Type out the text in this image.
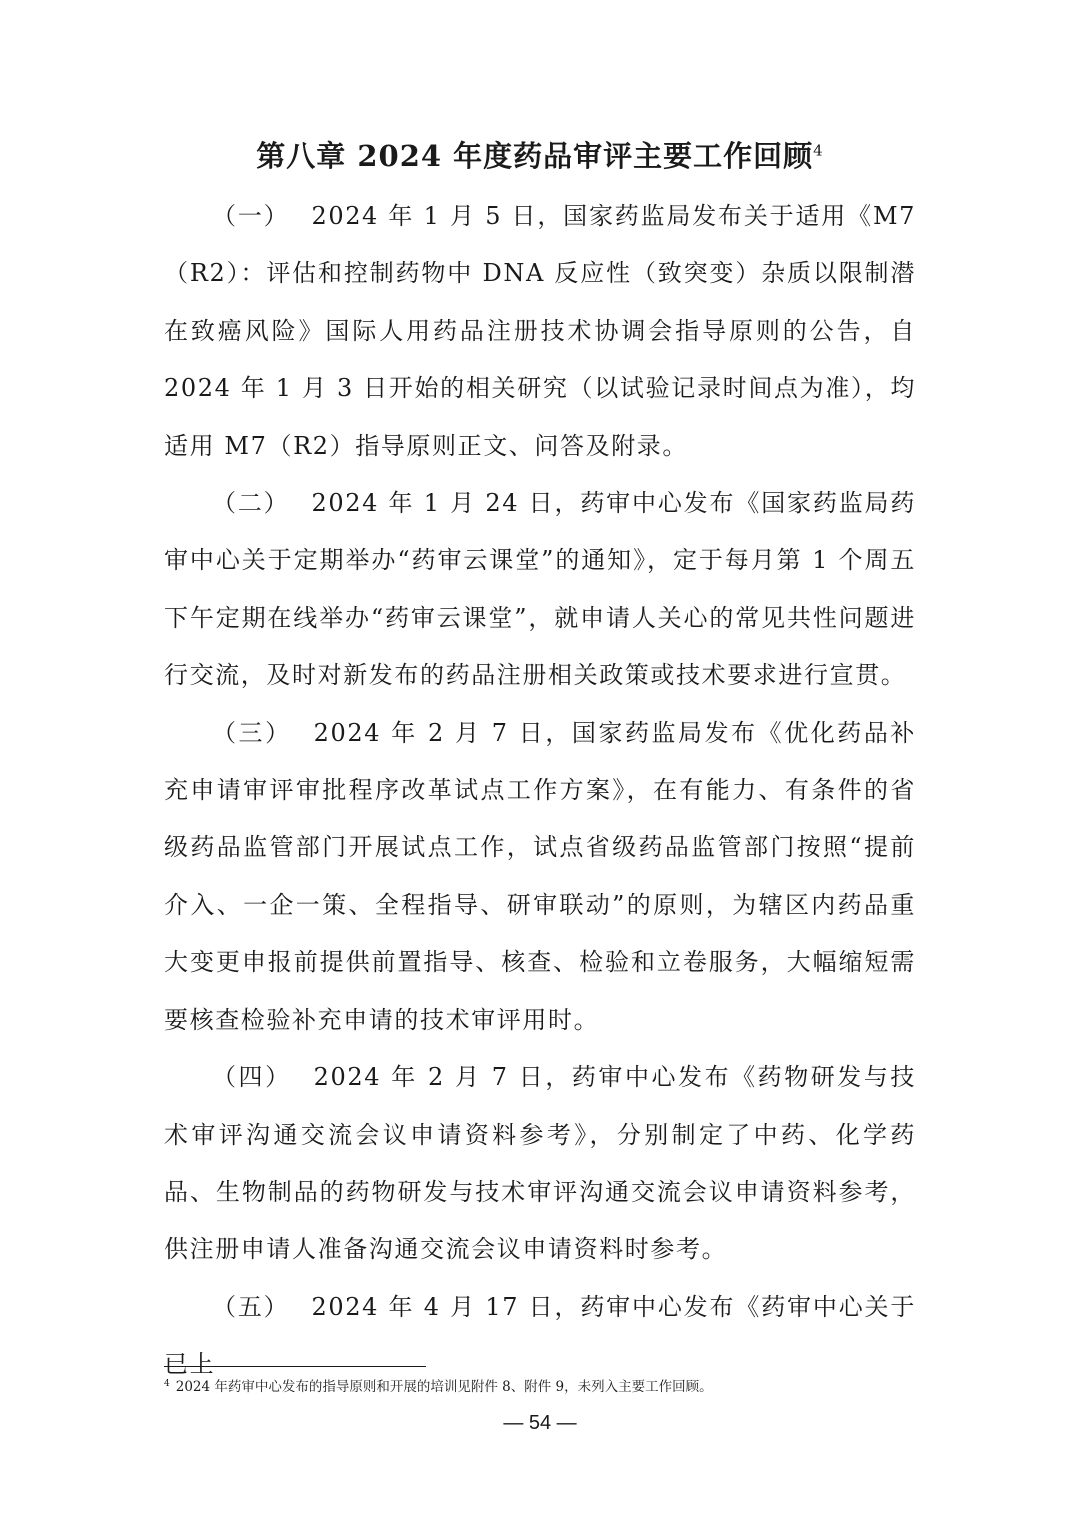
第八章 2024 年度药品审评主要工作回顾$^4$

（一） 2024 年 1 月 5 日，国家药监局发布关于适用《M7（R2）：评估和控制药物中 DNA 反应性（致突变）杂质以限制潜在致癌风险》国际人用药品注册技术协调会指导原则的公告，自 2024 年 1 月 3 日开始的相关研究（以试验记录时间点为准），均适用 M7（R2）指导原则正文、问答及附录。

（二） 2024 年 1 月 24 日，药审中心发布《国家药监局药审中心关于定期举办“药审云课堂”的通知》，定于每月第 1 个周五下午定期在线举办“药审云课堂”，就申请人关心的常见共性问题进行交流，及时对新发布的药品注册相关政策或技术要求进行宣贯。

（三） 2024 年 2 月 7 日，国家药监局发布《优化药品补充申请审评审批程序改革试点工作方案》，在有能力、有条件的省级药品监管部门开展试点工作，试点省级药品监管部门按照“提前介入、一企一策、全程指导、研审联动”的原则，为辖区内药品重大变更申报前提供前置指导、核查、检验和立卷服务，大幅缩短需要核查检验补充申请的技术审评用时。

（四） 2024 年 2 月 7 日，药审中心发布《药物研发与技术审评沟通交流会议申请资料参考》，分别制定了中药、化学药品、生物制品的药物研发与技术审评沟通交流会议申请资料参考，供注册申请人准备沟通交流会议申请资料时参考。

（五） 2024 年 4 月 17 日，药审中心发布《药审中心关于已上

$^4$ 2024 年药审中心发布的指导原则和开展的培训见附件 8、附件 9，未列入主要工作回顾。

— 54 —
